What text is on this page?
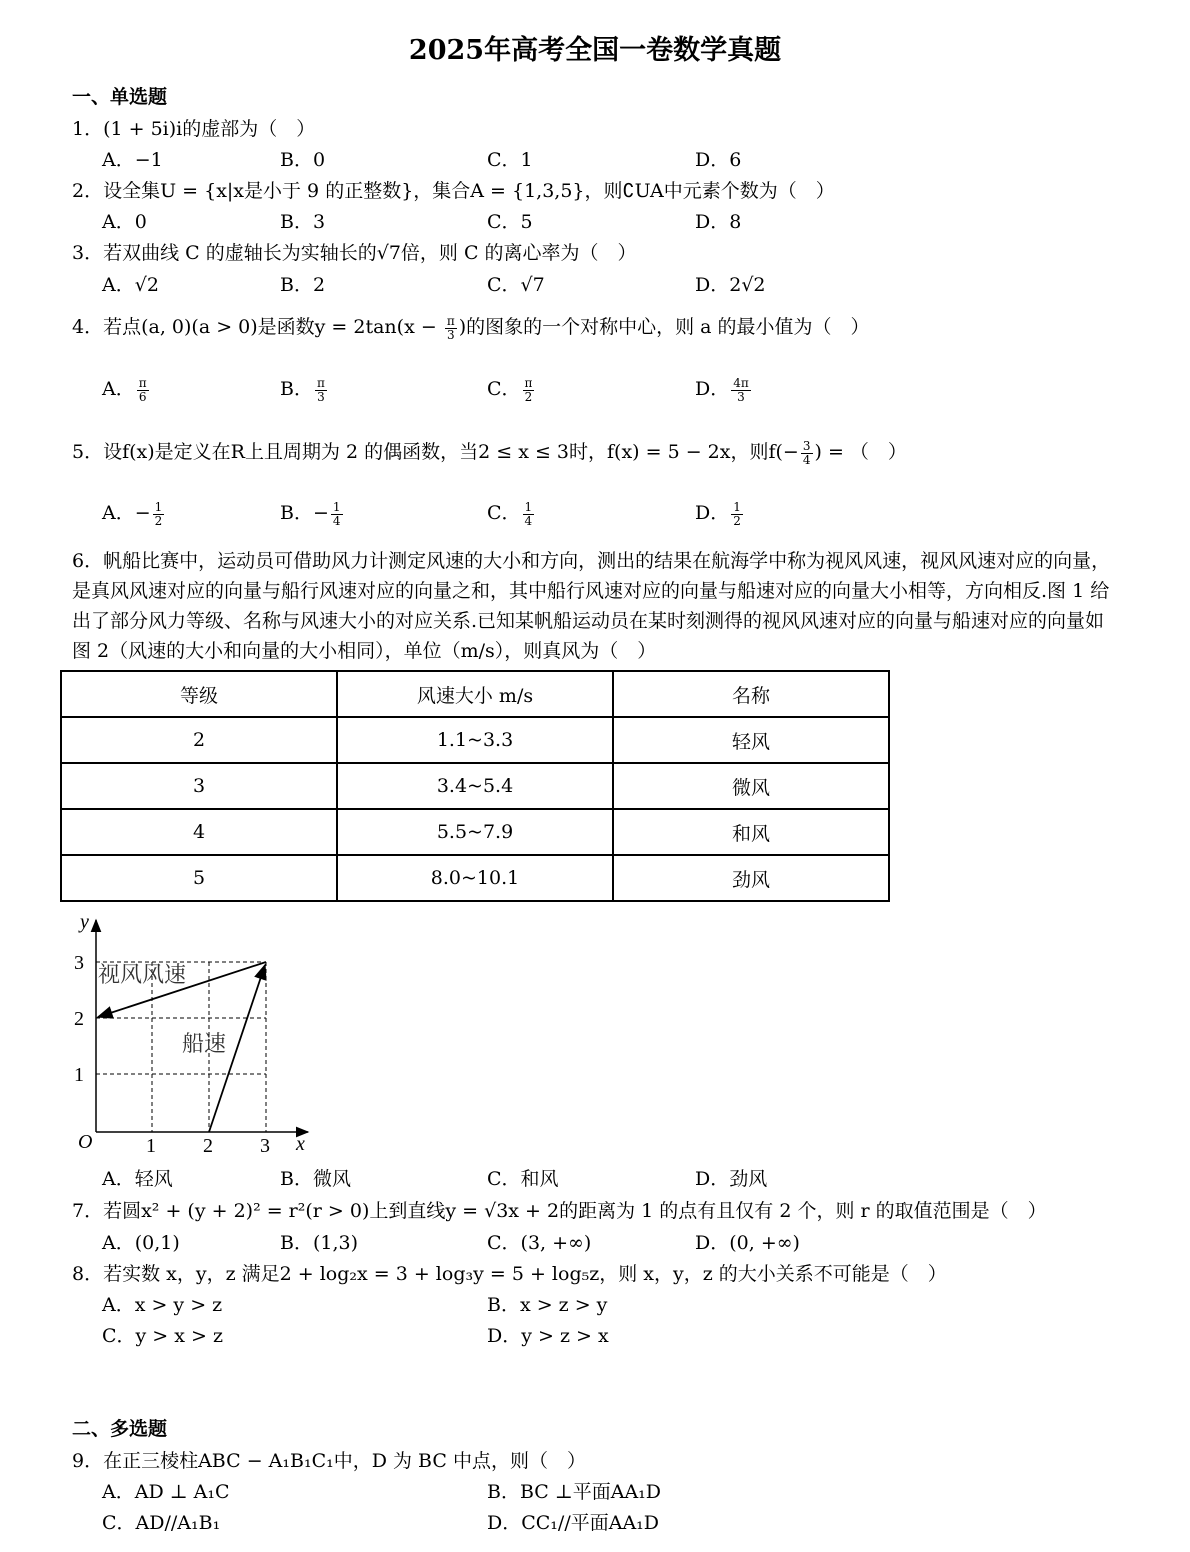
2025年高考全国一卷数学真题
一、单选题
1．(1 + 5i)i的虚部为（　）
A．−1	B．0	C．1	D．6
2．设全集U = {x|x是小于 9 的正整数}，集合A = {1,3,5}，则∁UA中元素个数为（　）
A．0	B．3	C．5	D．8
3．若双曲线 C 的虚轴长为实轴长的√7倍，则 C 的离心率为（　）
A．√2	B．2	C．√7	D．2√2
4．若点(a, 0)(a > 0)是函数$y = 2\tan(x - \frac{\pi}{3}$ )的图象的一个对称中心，则 a 的最小值为（　）
A． $\frac{\pi}{6}$	B． $\frac{\pi}{3}$	C． $\frac{\pi}{2}$	D． $\frac{4\pi}{3}$
5．设f(x)是定义在R上且周期为 2 的偶函数，当2 ≤ x ≤ 3时，f(x) = 5 − 2x，则$f(- \frac{3}{4}$ ) = （　）
A．− $\frac{1}{2}$	B．− $\frac{1}{4}$	C． $\frac{1}{4}$	D． $\frac{1}{2}$
6．帆船比赛中，运动员可借助风力计测定风速的大小和方向，测出的结果在航海学中称为视风风速，视风风速对应的向量，是真风风速对应的向量与船行风速对应的向量之和，其中船行风速对应的向量与船速对应的向量大小相等，方向相反.图 1 给出了部分风力等级、名称与风速大小的对应关系.已知某帆船运动员在某时刻测得的视风风速对应的向量与船速对应的向量如图 2（风速的大小和向量的大小相同），单位（m/s），则真风为（　）
等级	风速大小 m/s	名称
2	1.1~3.3	轻风
3	3.4~5.4	微风
4	5.5~7.9	和风
5	8.0~10.1	劲风
y
x
O	1 2 3
1
2
3 视风风速
船速
A．轻风	B．微风	C．和风	D．劲风
7．若圆x² + (y + 2)² = r²(r > 0)上到直线y = √3x + 2的距离为 1 的点有且仅有 2 个，则 r 的取值范围是（　）
A．(0,1)	B．(1,3)	C．(3, +∞)	D．(0, +∞)
8．若实数 x，y，z 满足2 + log₂x = 3 + log₃y = 5 + log₅z，则 x，y，z 的大小关系不可能是（　）
A．x > y > z	B．x > z > y
C．y > x > z	D．y > z > x
二、多选题
9．在正三棱柱ABC − A₁B₁C₁中，D 为 BC 中点，则（　）
A．AD ⊥ A₁C	B．BC ⊥平面AA₁D
C．AD//A₁B₁	D．CC₁//平面AA₁D
